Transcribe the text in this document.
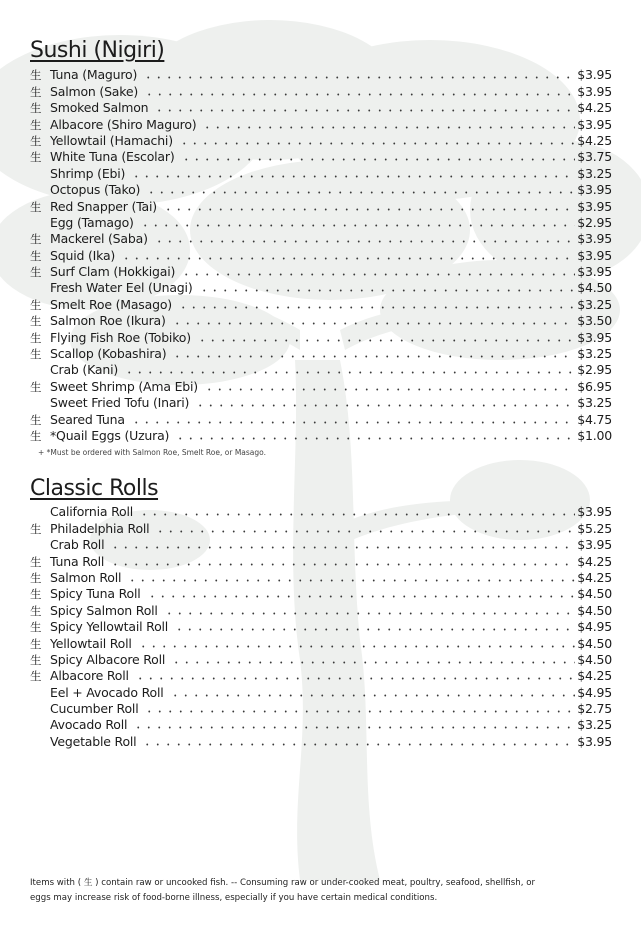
Sushi (Nigiri)
生 Tuna (Maguro)	$3.95
生 Salmon (Sake)	$3.95
生 Smoked Salmon	$4.25
生 Albacore (Shiro Maguro)	$3.95
生 Yellowtail (Hamachi)	$4.25
生 White Tuna (Escolar)	$3.75
Shrimp (Ebi)	$3.25
Octopus (Tako)	$3.95
生 Red Snapper (Tai)	$3.95
Egg (Tamago)	$2.95
生 Mackerel (Saba)	$3.95
生 Squid (Ika)	$3.95
生 Surf Clam (Hokkigai)	$3.95
Fresh Water Eel (Unagi)	$4.50
生 Smelt Roe (Masago)	$3.25
生 Salmon Roe (Ikura)	$3.50
生 Flying Fish Roe (Tobiko)	$3.95
生 Scallop (Kobashira)	$3.25
Crab (Kani)	$2.95
生 Sweet Shrimp (Ama Ebi)	$6.95
Sweet Fried Tofu (Inari)	$3.25
生 Seared Tuna	$4.75
生 *Quail Eggs (Uzura)	$1.00
+ *Must be ordered with Salmon Roe, Smelt Roe, or Masago.
Classic Rolls
California Roll	$3.95
生 Philadelphia Roll	$5.25
Crab Roll	$3.95
生 Tuna Roll	$4.25
生 Salmon Roll	$4.25
生 Spicy Tuna Roll	$4.50
生 Spicy Salmon Roll	$4.50
生 Spicy Yellowtail Roll	$4.95
生 Yellowtail Roll	$4.50
生 Spicy Albacore Roll	$4.50
生 Albacore Roll	$4.25
Eel + Avocado Roll	$4.95
Cucumber Roll	$2.75
Avocado Roll	$3.25
Vegetable Roll	$3.95
Items with ( 生 ) contain raw or uncooked fish. -- Consuming raw or under-cooked meat, poultry, seafood, shellfish, or
eggs may increase risk of food-borne illness, especially if you have certain medical conditions.
